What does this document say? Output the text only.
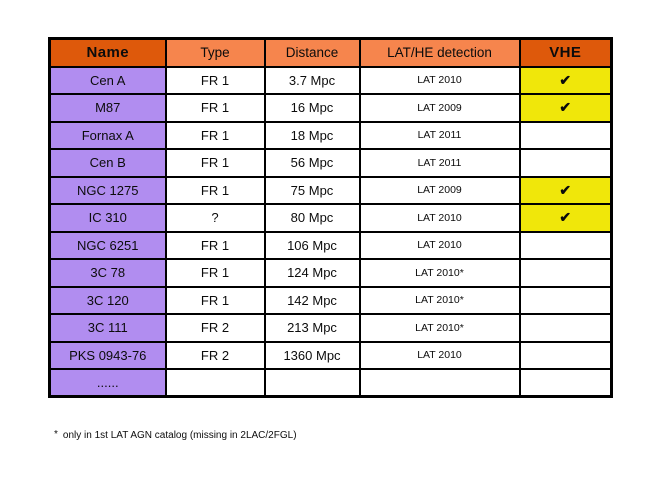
Name	Type	Distance	LAT/HE detection	VHE
Cen A	FR 1	3.7 Mpc	LAT 2010	✔
M87	FR 1	16 Mpc	LAT 2009	✔
Fornax A	FR 1	18 Mpc	LAT 2011	
Cen B	FR 1	56 Mpc	LAT 2011	
NGC 1275	FR 1	75 Mpc	LAT 2009	✔
IC 310	?	80 Mpc	LAT 2010	✔
NGC 6251	FR 1	106 Mpc	LAT 2010	
3C 78	FR 1	124 Mpc	LAT 2010*	
3C 120	FR 1	142 Mpc	LAT 2010*	
3C 111	FR 2	213 Mpc	LAT 2010*	
PKS 0943-76	FR 2	1360 Mpc	LAT 2010	
......				
* only in 1st LAT AGN catalog (missing in 2LAC/2FGL)
